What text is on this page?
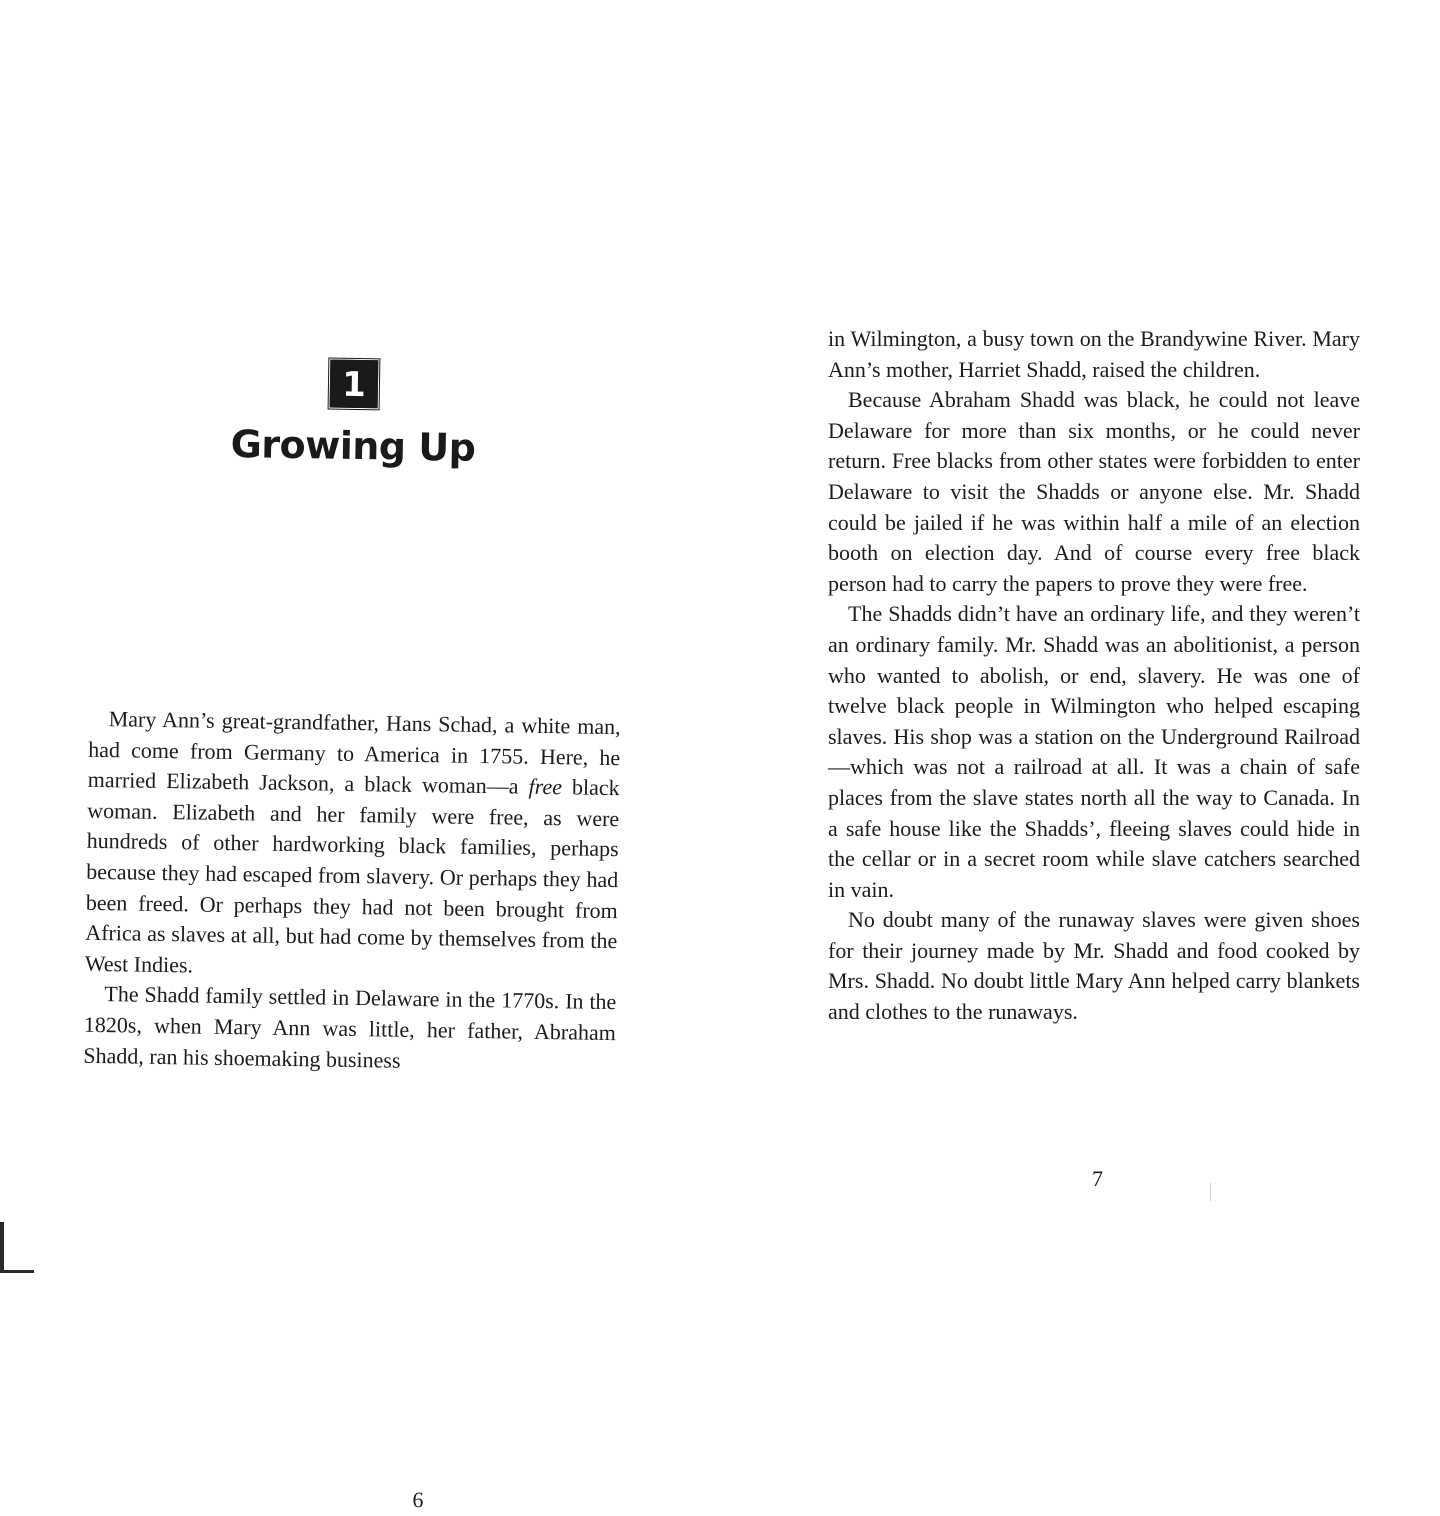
1
Growing Up

Mary Ann’s great-grandfather, Hans Schad, a white man, had come from Germany to America in 1755. Here, he married Elizabeth Jackson, a black woman—a free black woman. Elizabeth and her family were free, as were hundreds of other hardworking black families, perhaps because they had escaped from slavery. Or perhaps they had been freed. Or perhaps they had not been brought from Africa as slaves at all, but had come by themselves from the West Indies.

The Shadd family settled in Delaware in the 1770s. In the 1820s, when Mary Ann was little, her father, Abraham Shadd, ran his shoemaking business

6

in Wilmington, a busy town on the Brandywine River. Mary Ann’s mother, Harriet Shadd, raised the children.

Because Abraham Shadd was black, he could not leave Delaware for more than six months, or he could never return. Free blacks from other states were forbidden to enter Delaware to visit the Shadds or anyone else. Mr. Shadd could be jailed if he was within half a mile of an election booth on election day. And of course every free black person had to carry the papers to prove they were free.

The Shadds didn’t have an ordinary life, and they weren’t an ordinary family. Mr. Shadd was an abolitionist, a person who wanted to abolish, or end, slavery. He was one of twelve black people in Wilmington who helped escaping slaves. His shop was a station on the Underground Railroad—which was not a railroad at all. It was a chain of safe places from the slave states north all the way to Canada. In a safe house like the Shadds’, fleeing slaves could hide in the cellar or in a secret room while slave catchers searched in vain.

No doubt many of the runaway slaves were given shoes for their journey made by Mr. Shadd and food cooked by Mrs. Shadd. No doubt little Mary Ann helped carry blankets and clothes to the runaways.

7
